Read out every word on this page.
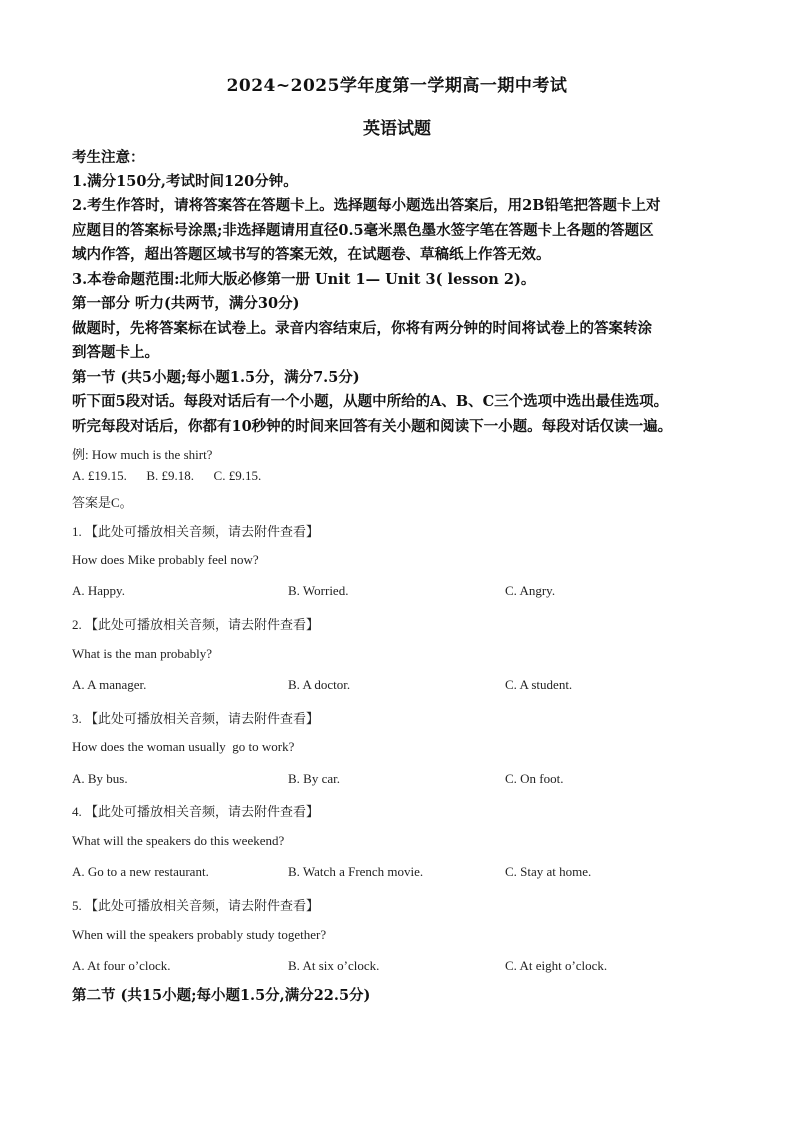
2024~2025学年度第一学期高一期中考试
英语试题
考生注意：
1.满分150分,考试时间120分钟。
2.考生作答时，请将答案答在答题卡上。选择题每小题选出答案后，用2B铅笔把答题卡上对
应题目的答案标号涂黑;非选择题请用直径0.5毫米黑色墨水签字笔在答题卡上各题的答题区
域内作答，超出答题区域书写的答案无效，在试题卷、草稿纸上作答无效。
3.本卷命题范围:北师大版必修第一册 Unit 1— Unit 3( lesson 2)。
第一部分 听力(共两节，满分30分)
做题时，先将答案标在试卷上。录音内容结束后，你将有两分钟的时间将试卷上的答案转涂
到答题卡上。
第一节 (共5小题;每小题1.5分，满分7.5分)
听下面5段对话。每段对话后有一个小题，从题中所给的A、B、C三个选项中选出最佳选项。
听完每段对话后，你都有10秒钟的时间来回答有关小题和阅读下一小题。每段对话仅读一遍。
例: How much is the shirt?
A. £19.15.      B. £9.18.      C. £9.15.
答案是C。
1. 【此处可播放相关音频，请去附件查看】
How does Mike probably feel now?
A. Happy.	B. Worried.	C. Angry.
2. 【此处可播放相关音频，请去附件查看】
What is the man probably?
A. A manager.	B. A doctor.	C. A student.
3. 【此处可播放相关音频，请去附件查看】
How does the woman usually  go to work?
A. By bus.	B. By car.	C. On foot.
4. 【此处可播放相关音频，请去附件查看】
What will the speakers do this weekend?
A. Go to a new restaurant.	B. Watch a French movie.	C. Stay at home.
5. 【此处可播放相关音频，请去附件查看】
When will the speakers probably study together?
A. At four o’clock.	B. At six o’clock.	C. At eight o’clock.
第二节 (共15小题;每小题1.5分,满分22.5分)
